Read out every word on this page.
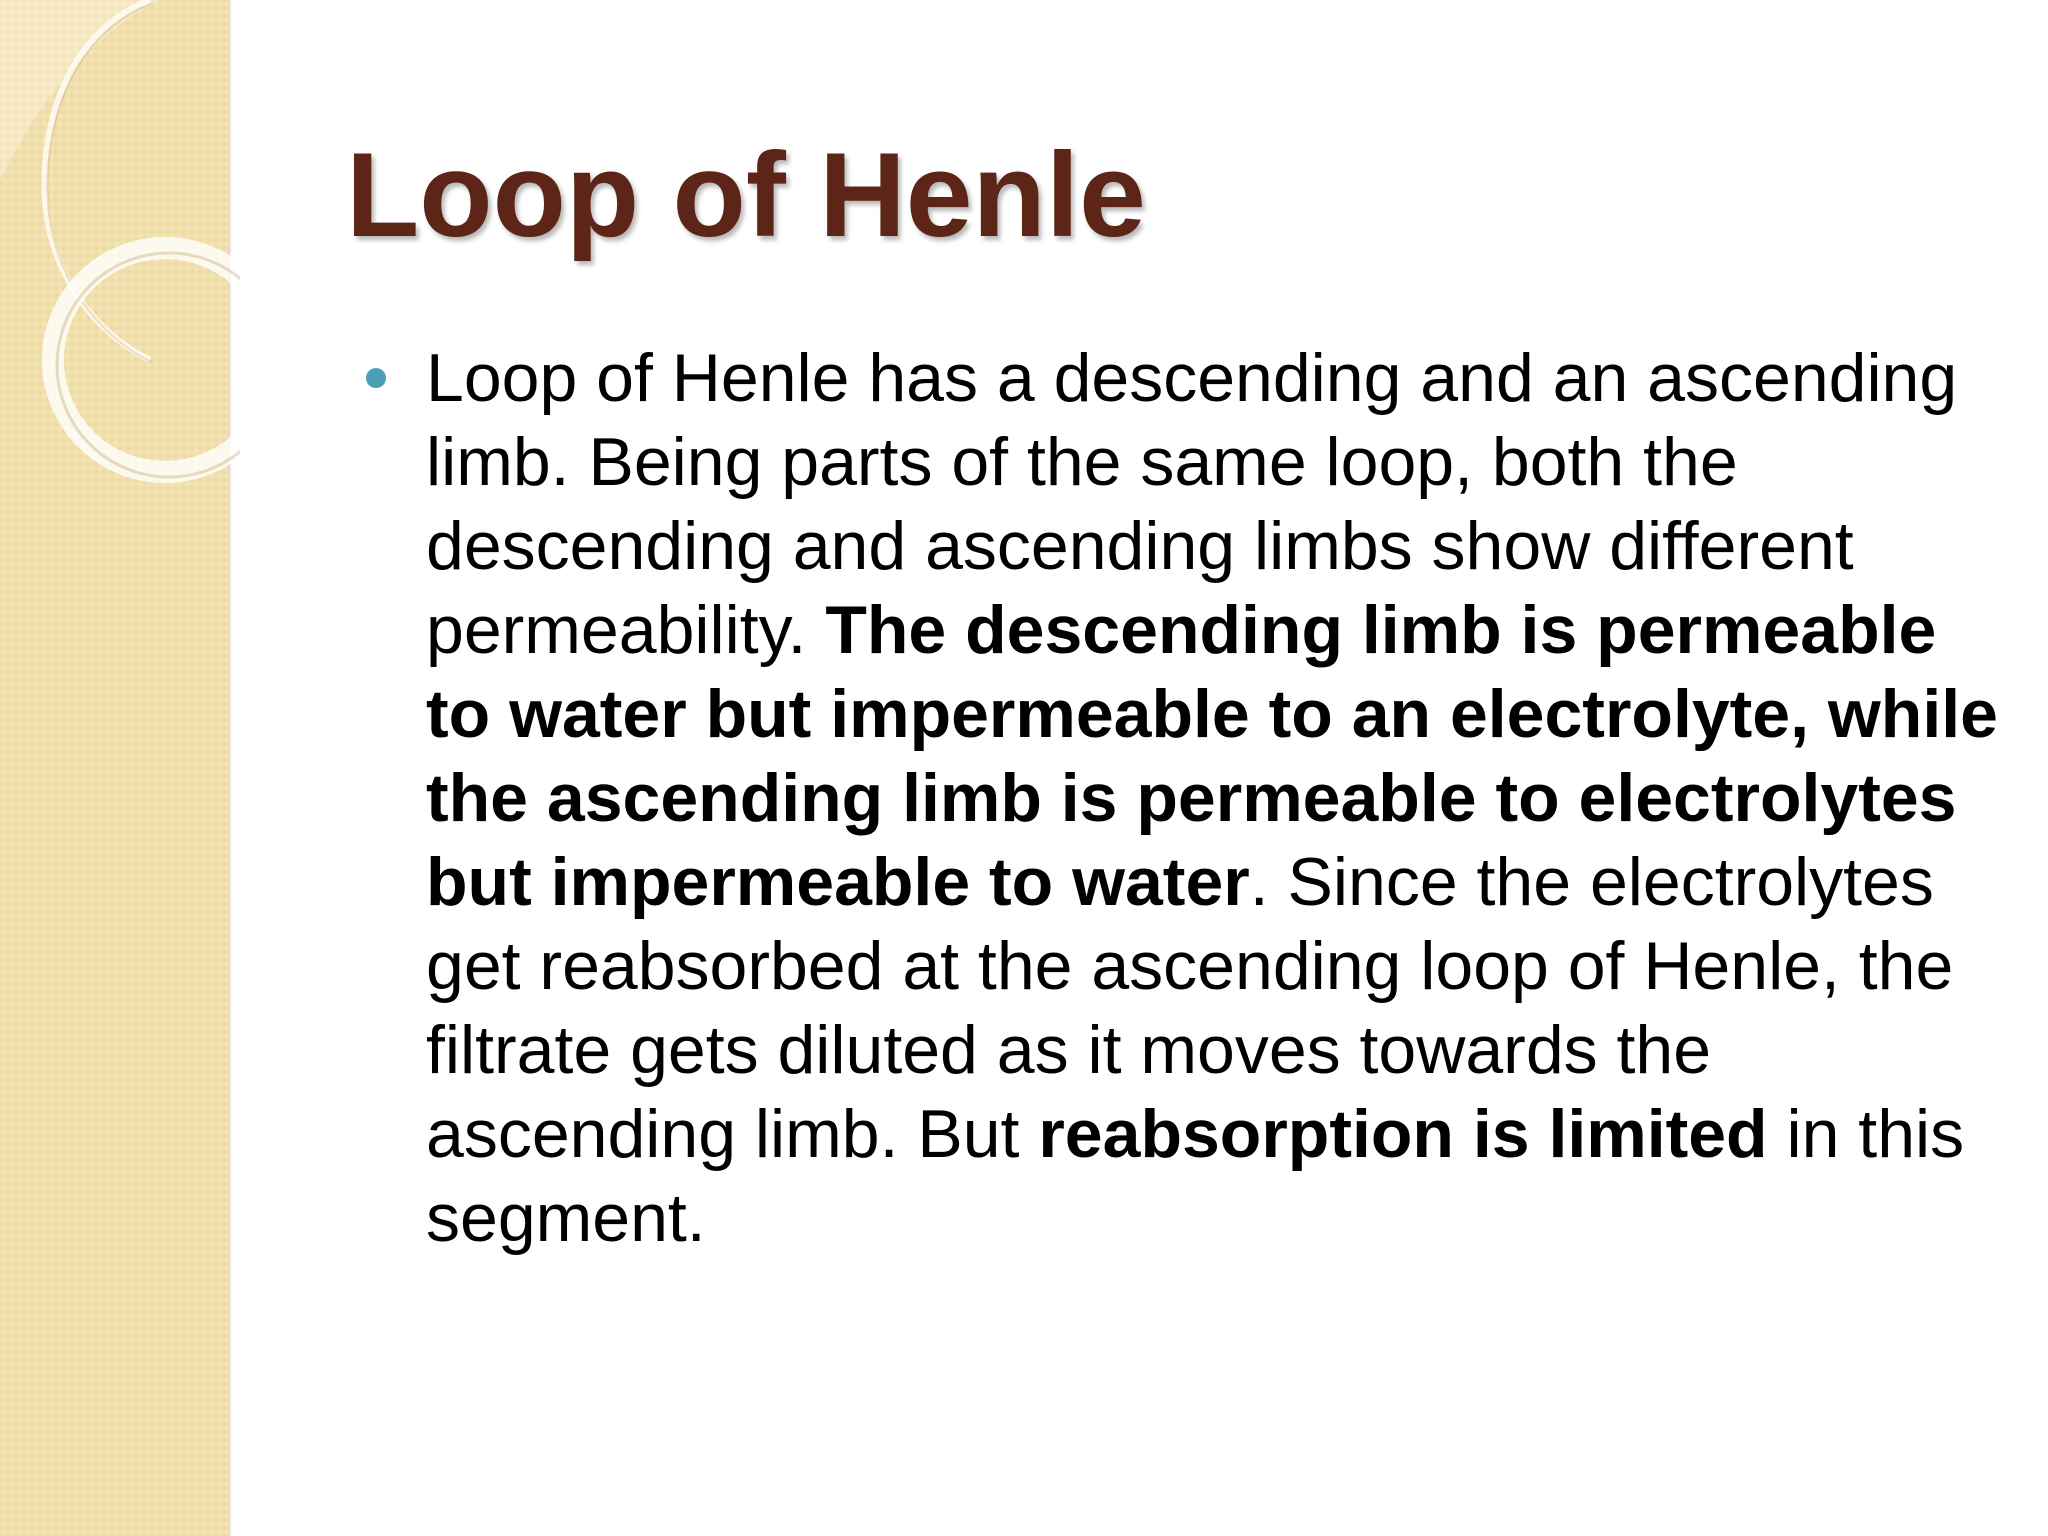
Loop of Henle

Loop of Henle has a descending and an ascending limb. Being parts of the same loop, both the descending and ascending limbs show different permeability. The descending limb is permeable to water but impermeable to an electrolyte, while the ascending limb is permeable to electrolytes but impermeable to water. Since the electrolytes get reabsorbed at the ascending loop of Henle, the filtrate gets diluted as it moves towards the ascending limb. But reabsorption is limited in this segment.
